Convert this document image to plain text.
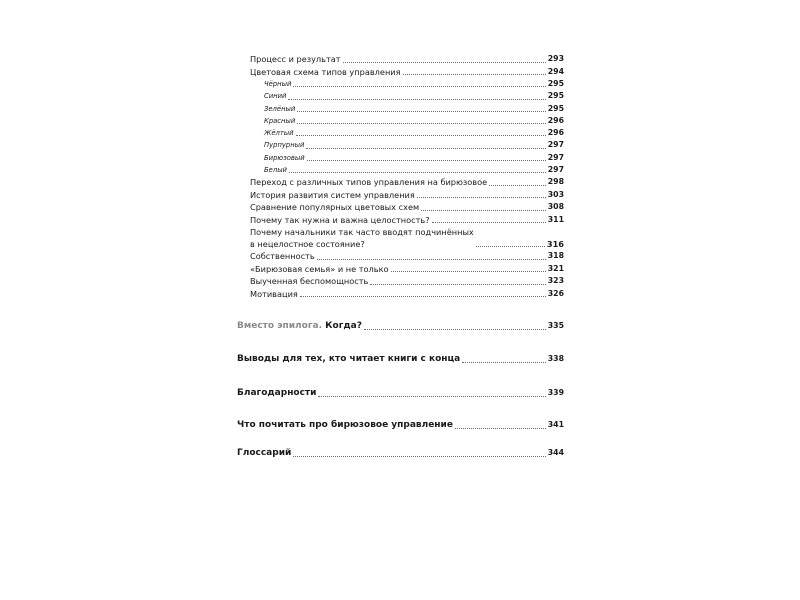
Процесс и результат	293
Цветовая схема типов управления	294
Чёрный	295
Синий	295
Зелёный	295
Красный	296
Жёлтый	296
Пурпурный	297
Бирюзовый	297
Белый	297
Переход с различных типов управления на бирюзовое	298
История развития систем управления	303
Сравнение популярных цветовых схем	308
Почему так нужна и важна целостность?	311
Почему начальники так часто вводят подчинённых
в нецелостное состояние?	316
Собственность	318
«Бирюзовая семья» и не только	321
Выученная беспомощность	323
Мотивация	326
Вместо эпилога. Когда?	335
Выводы для тех, кто читает книги с конца	338
Благодарности	339
Что почитать про бирюзовое управление	341
Глоссарий	344
